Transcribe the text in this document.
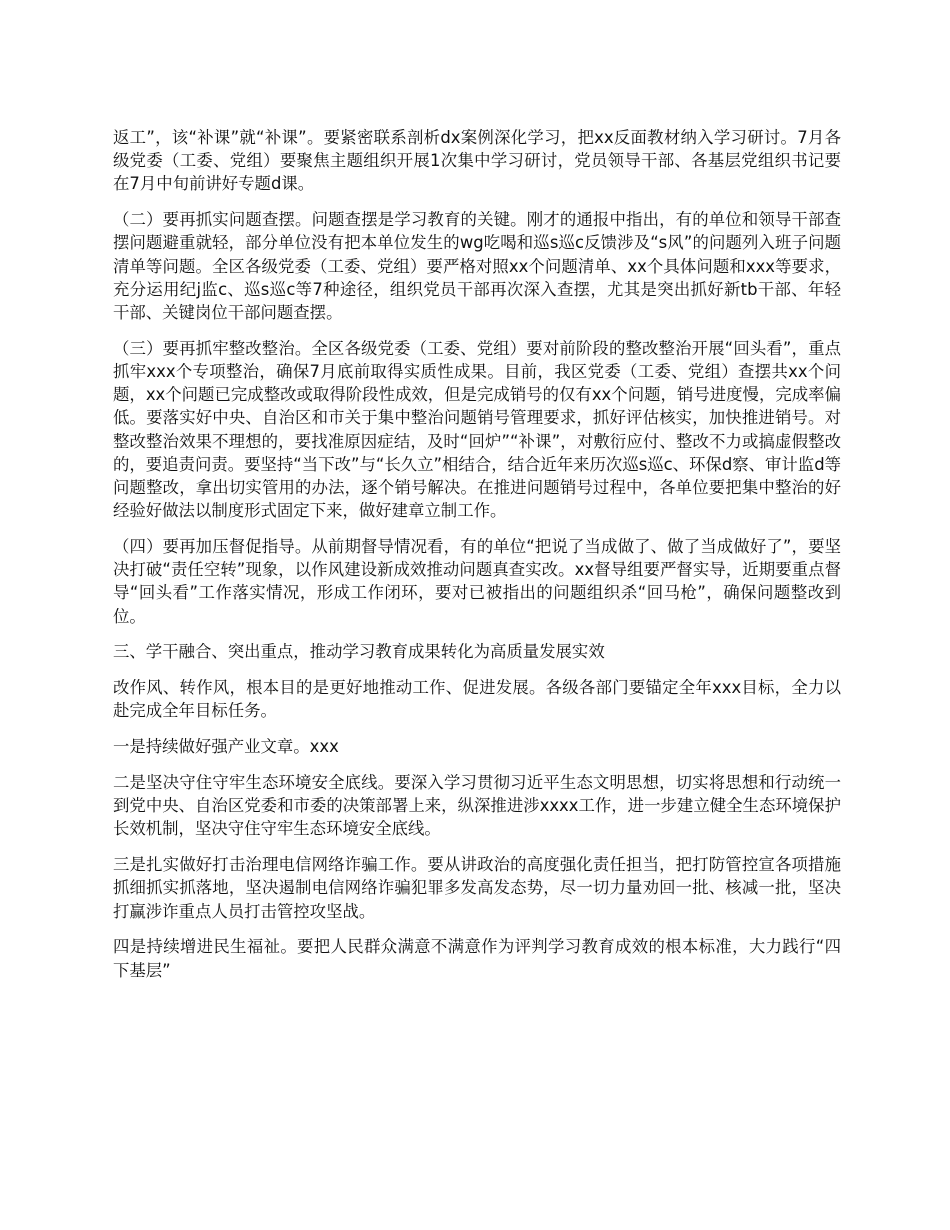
返工”，该“补课”就“补课”。要紧密联系剖析dx案例深化学习，把xx反面教材纳入学习研讨。7月各级党委（工委、党组）要聚焦主题组织开展1次集中学习研讨，党员领导干部、各基层党组织书记要在7月中旬前讲好专题d课。

（二）要再抓实问题查摆。问题查摆是学习教育的关键。刚才的通报中指出，有的单位和领导干部查摆问题避重就轻，部分单位没有把本单位发生的wg吃喝和巡s巡c反馈涉及“s风”的问题列入班子问题清单等问题。全区各级党委（工委、党组）要严格对照xx个问题清单、xx个具体问题和xxx等要求，充分运用纪j监c、巡s巡c等7种途径，组织党员干部再次深入查摆，尤其是突出抓好新tb干部、年轻干部、关键岗位干部问题查摆。

（三）要再抓牢整改整治。全区各级党委（工委、党组）要对前阶段的整改整治开展“回头看”，重点抓牢xxx个专项整治，确保7月底前取得实质性成果。目前，我区党委（工委、党组）查摆共xx个问题，xx个问题已完成整改或取得阶段性成效，但是完成销号的仅有xx个问题，销号进度慢，完成率偏低。要落实好中央、自治区和市关于集中整治问题销号管理要求，抓好评估核实，加快推进销号。对整改整治效果不理想的，要找准原因症结，及时“回炉”“补课”，对敷衍应付、整改不力或搞虚假整改的，要追责问责。要坚持“当下改”与“长久立”相结合，结合近年来历次巡s巡c、环保d察、审计监d等问题整改，拿出切实管用的办法，逐个销号解决。在推进问题销号过程中，各单位要把集中整治的好经验好做法以制度形式固定下来，做好建章立制工作。

（四）要再加压督促指导。从前期督导情况看，有的单位“把说了当成做了、做了当成做好了”，要坚决打破“责任空转”现象，以作风建设新成效推动问题真查实改。xx督导组要严督实导，近期要重点督导“回头看”工作落实情况，形成工作闭环，要对已被指出的问题组织杀“回马枪”，确保问题整改到位。

三、学干融合、突出重点，推动学习教育成果转化为高质量发展实效

改作风、转作风，根本目的是更好地推动工作、促进发展。各级各部门要锚定全年xxx目标，全力以赴完成全年目标任务。

一是持续做好强产业文章。xxx

二是坚决守住守牢生态环境安全底线。要深入学习贯彻习近平生态文明思想，切实将思想和行动统一到党中央、自治区党委和市委的决策部署上来，纵深推进涉xxxx工作，进一步建立健全生态环境保护长效机制，坚决守住守牢生态环境安全底线。

三是扎实做好打击治理电信网络诈骗工作。要从讲政治的高度强化责任担当，把打防管控宣各项措施抓细抓实抓落地，坚决遏制电信网络诈骗犯罪多发高发态势，尽一切力量劝回一批、核减一批，坚决打赢涉诈重点人员打击管控攻坚战。

四是持续增进民生福祉。要把人民群众满意不满意作为评判学习教育成效的根本标准，大力践行“四下基层”
